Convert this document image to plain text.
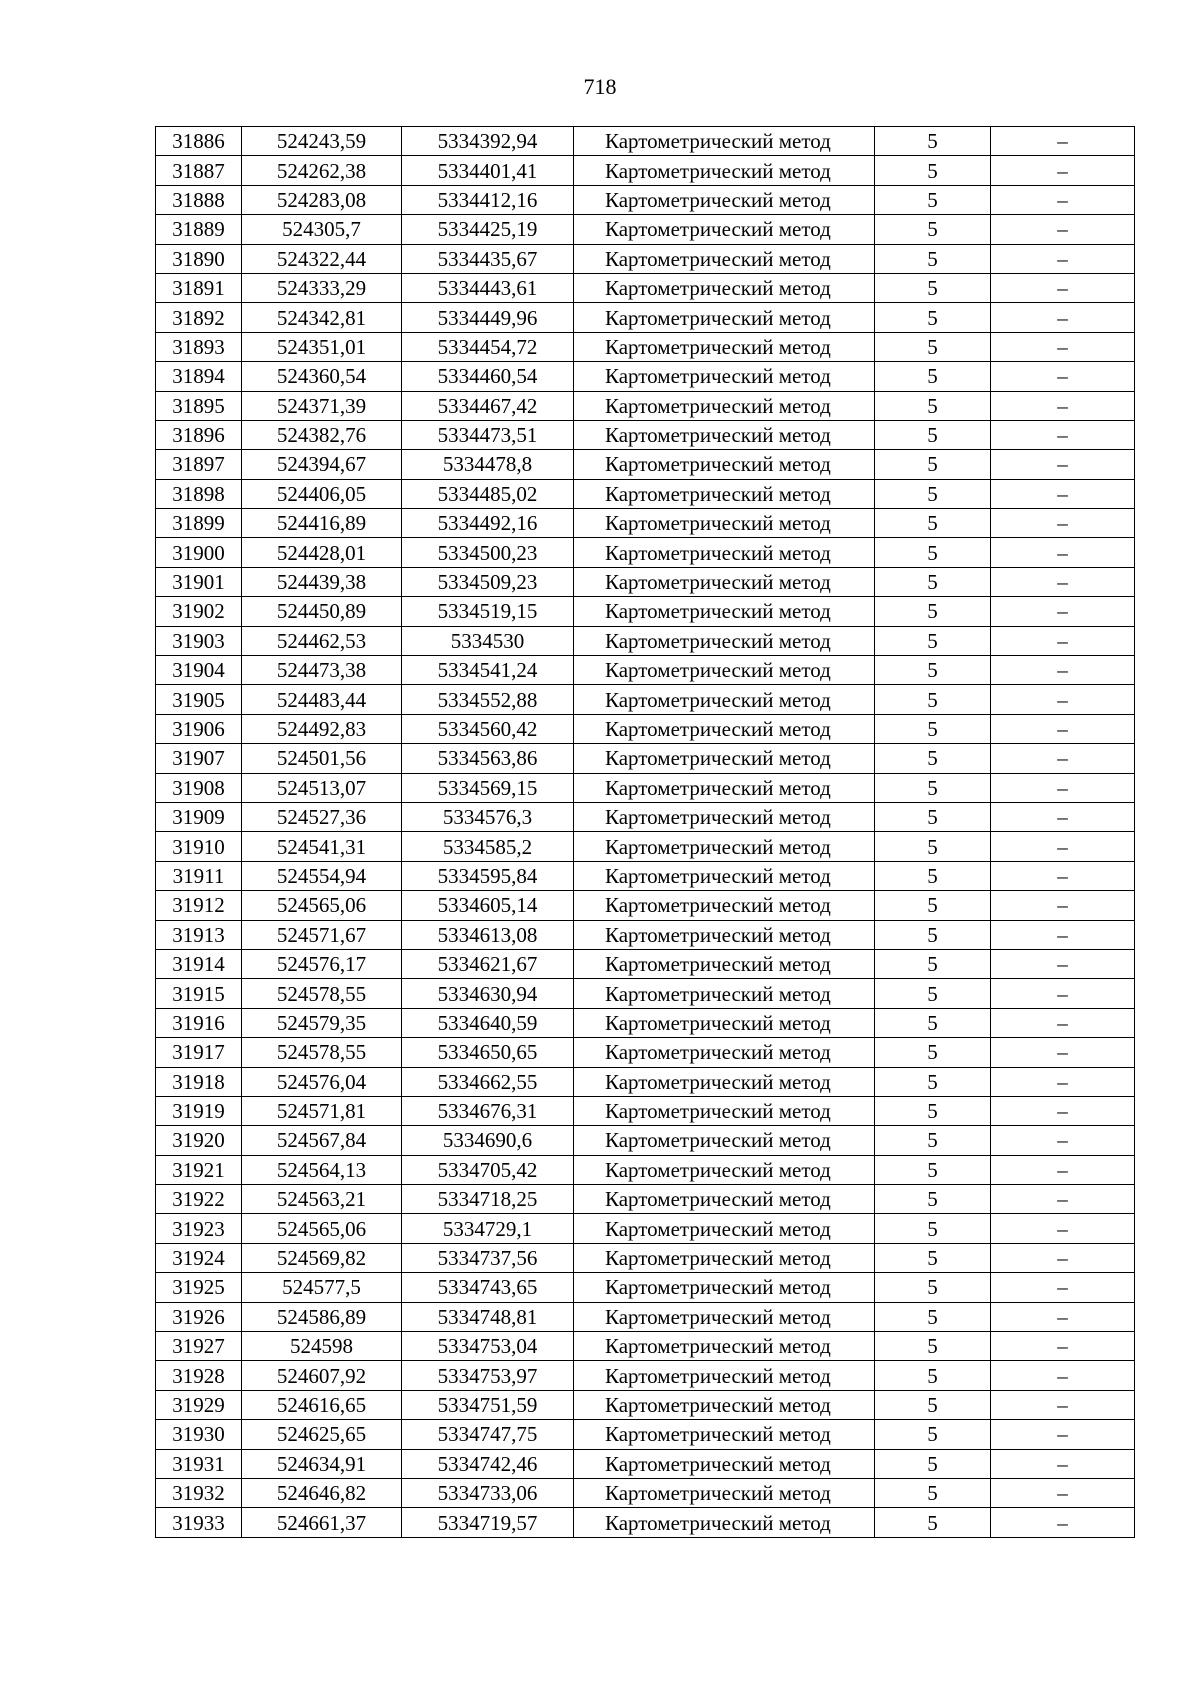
718
31886	524243,59	5334392,94	Картометрический метод	5	–
31887	524262,38	5334401,41	Картометрический метод	5	–
31888	524283,08	5334412,16	Картометрический метод	5	–
31889	524305,7	5334425,19	Картометрический метод	5	–
31890	524322,44	5334435,67	Картометрический метод	5	–
31891	524333,29	5334443,61	Картометрический метод	5	–
31892	524342,81	5334449,96	Картометрический метод	5	–
31893	524351,01	5334454,72	Картометрический метод	5	–
31894	524360,54	5334460,54	Картометрический метод	5	–
31895	524371,39	5334467,42	Картометрический метод	5	–
31896	524382,76	5334473,51	Картометрический метод	5	–
31897	524394,67	5334478,8	Картометрический метод	5	–
31898	524406,05	5334485,02	Картометрический метод	5	–
31899	524416,89	5334492,16	Картометрический метод	5	–
31900	524428,01	5334500,23	Картометрический метод	5	–
31901	524439,38	5334509,23	Картометрический метод	5	–
31902	524450,89	5334519,15	Картометрический метод	5	–
31903	524462,53	5334530	Картометрический метод	5	–
31904	524473,38	5334541,24	Картометрический метод	5	–
31905	524483,44	5334552,88	Картометрический метод	5	–
31906	524492,83	5334560,42	Картометрический метод	5	–
31907	524501,56	5334563,86	Картометрический метод	5	–
31908	524513,07	5334569,15	Картометрический метод	5	–
31909	524527,36	5334576,3	Картометрический метод	5	–
31910	524541,31	5334585,2	Картометрический метод	5	–
31911	524554,94	5334595,84	Картометрический метод	5	–
31912	524565,06	5334605,14	Картометрический метод	5	–
31913	524571,67	5334613,08	Картометрический метод	5	–
31914	524576,17	5334621,67	Картометрический метод	5	–
31915	524578,55	5334630,94	Картометрический метод	5	–
31916	524579,35	5334640,59	Картометрический метод	5	–
31917	524578,55	5334650,65	Картометрический метод	5	–
31918	524576,04	5334662,55	Картометрический метод	5	–
31919	524571,81	5334676,31	Картометрический метод	5	–
31920	524567,84	5334690,6	Картометрический метод	5	–
31921	524564,13	5334705,42	Картометрический метод	5	–
31922	524563,21	5334718,25	Картометрический метод	5	–
31923	524565,06	5334729,1	Картометрический метод	5	–
31924	524569,82	5334737,56	Картометрический метод	5	–
31925	524577,5	5334743,65	Картометрический метод	5	–
31926	524586,89	5334748,81	Картометрический метод	5	–
31927	524598	5334753,04	Картометрический метод	5	–
31928	524607,92	5334753,97	Картометрический метод	5	–
31929	524616,65	5334751,59	Картометрический метод	5	–
31930	524625,65	5334747,75	Картометрический метод	5	–
31931	524634,91	5334742,46	Картометрический метод	5	–
31932	524646,82	5334733,06	Картометрический метод	5	–
31933	524661,37	5334719,57	Картометрический метод	5	–
